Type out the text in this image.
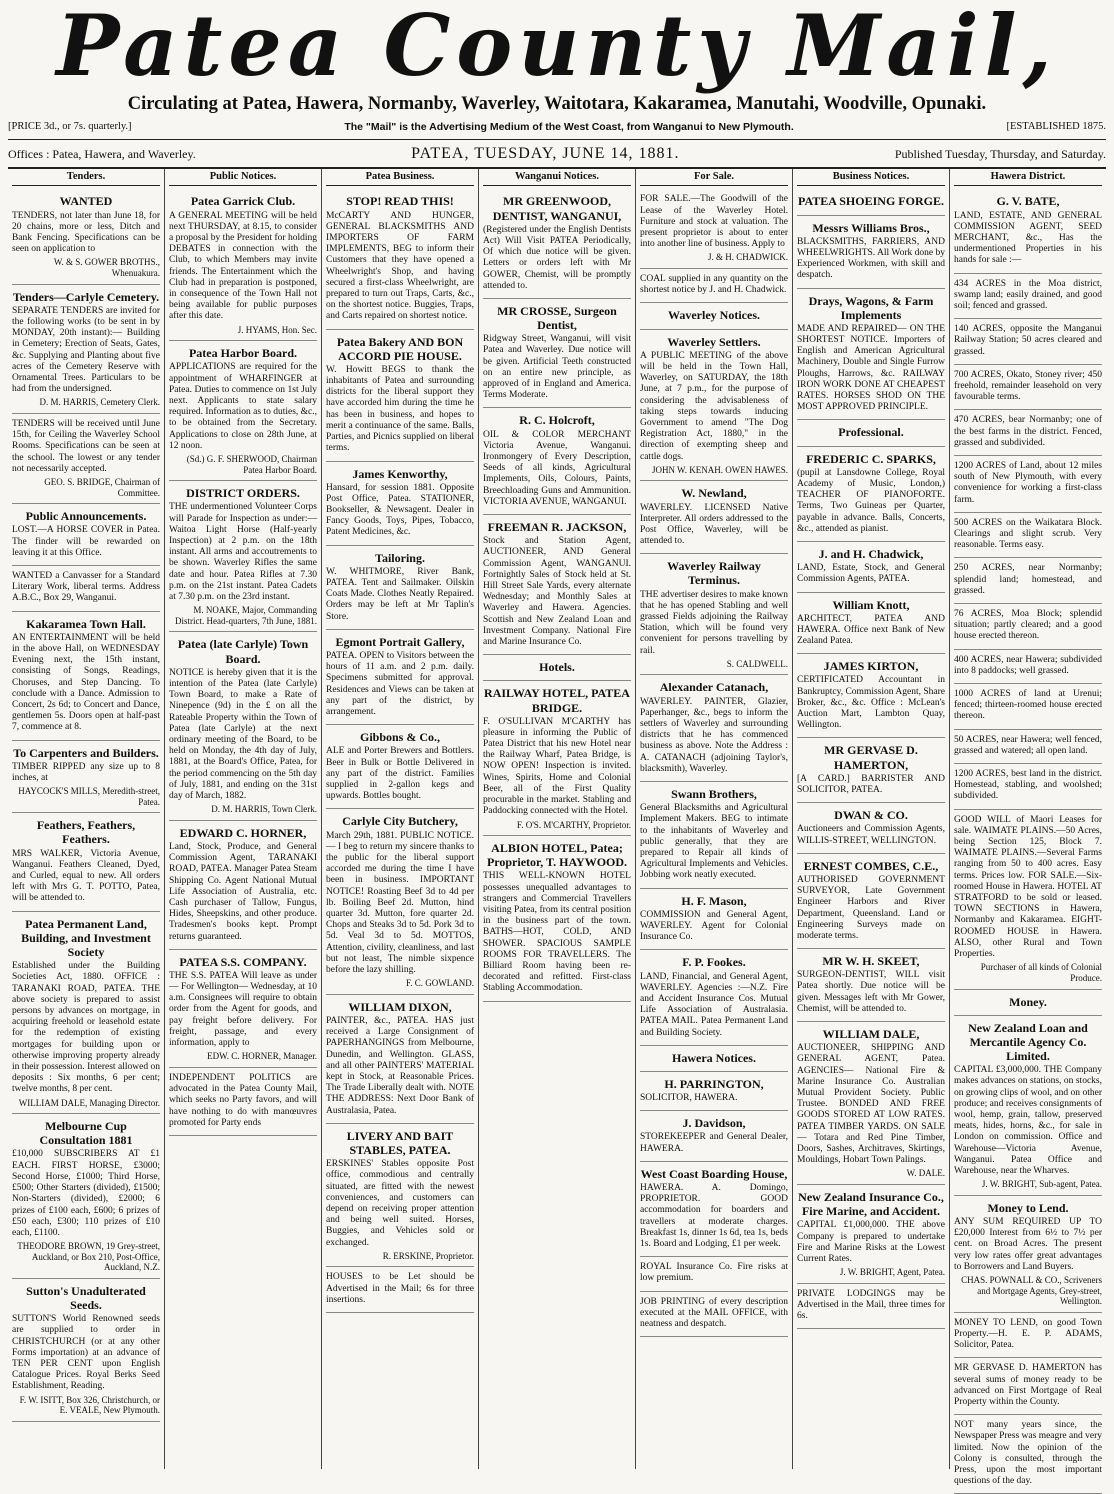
Patea County Mail,
Circulating at Patea, Hawera, Normanby, Waverley, Waitotara, Kakaramea, Manutahi, Woodville, Opunaki.
[PRICE 3d., or 7s. quarterly.]	The "Mail" is the Advertising Medium of the West Coast, from Wanganui to New Plymouth.	[ESTABLISHED 1875.
Offices : Patea, Hawera, and Waverley.	PATEA, TUESDAY, JUNE 14, 1881.	Published Tuesday, Thursday, and Saturday.
Tenders.
WANTED

TENDERS, not later than June 18, for 20 chains, more or less, Ditch and Bank Fencing. Specifications can be seen on application to

W. & S. GOWER BROTHS., Whenuakura.
Tenders—Carlyle Cemetery.

SEPARATE TENDERS are invited for the following works (to be sent in by MONDAY, 20th instant):— Building in Cemetery; Erection of Seats, Gates, &c. Supplying and Planting about five acres of the Cemetery Reserve with Ornamental Trees. Particulars to be had from the undersigned.

D. M. HARRIS, Cemetery Clerk.

TENDERS will be received until June 15th, for Ceiling the Waverley School Rooms. Specifications can be seen at the school. The lowest or any tender not necessarily accepted.

GEO. S. BRIDGE, Chairman of Committee.
Public Announcements.

LOST.—A HORSE COVER in Patea. The finder will be rewarded on leaving it at this Office.

WANTED a Canvasser for a Standard Literary Work, liberal terms. Address A.B.C., Box 29, Wanganui.

Kakaramea Town Hall.

AN ENTERTAINMENT will be held in the above Hall, on WEDNESDAY Evening next, the 15th instant, consisting of Songs, Readings, Choruses, and Step Dancing. To conclude with a Dance. Admission to Concert, 2s 6d; to Concert and Dance, gentlemen 5s. Doors open at half-past 7, commence at 8.

To Carpenters and Builders.

TIMBER RIPPED any size up to 8 inches, at

HAYCOCK'S MILLS, Meredith-street, Patea.
Feathers, Feathers, Feathers.

MRS WALKER, Victoria Avenue, Wanganui. Feathers Cleaned, Dyed, and Curled, equal to new. All orders left with Mrs G. T. POTTO, Patea, will be attended to.

Patea Permanent Land, Building, and Investment Society

Established under the Building Societies Act, 1880. OFFICE : TARANAKI ROAD, PATEA. THE above society is prepared to assist persons by advances on mortgage, in acquiring freehold or leasehold estate for the redemption of existing mortgages for building upon or otherwise improving property already in their possession. Interest allowed on deposits : Six months, 6 per cent; twelve months, 8 per cent.

WILLIAM DALE, Managing Director.
Melbourne Cup Consultation 1881

£10,000 SUBSCRIBERS AT £1 EACH. FIRST HORSE, £3000; Second Horse, £1000; Third Horse, £500; Other Starters (divided), £1500; Non-Starters (divided), £2000; 6 prizes of £100 each, £600; 6 prizes of £50 each, £300; 110 prizes of £10 each, £1100.

THEODORE BROWN, 19 Grey-street, Auckland, or Box 210, Post-Office, Auckland, N.Z.
Sutton's Unadulterated Seeds.

SUTTON'S World Renowned seeds are supplied to order in CHRISTCHURCH (or at any other Forms importation) at an advance of TEN PER CENT upon English Catalogue Prices. Royal Berks Seed Establishment, Reading.

F. W. ISITT, Box 326, Christchurch, or E. VEALE, New Plymouth.
Public Notices.
Patea Garrick Club.

A GENERAL MEETING will be held next THURSDAY, at 8.15, to consider a proposal by the President for holding DEBATES in connection with the Club, to which Members may invite friends. The Entertainment which the Club had in preparation is postponed, in consequence of the Town Hall not being available for public purposes after this date.

J. HYAMS, Hon. Sec.
Patea Harbor Board.

APPLICATIONS are required for the appointment of WHARFINGER at Patea. Duties to commence on 1st July next. Applicants to state salary required. Information as to duties, &c., to be obtained from the Secretary. Applications to close on 28th June, at 12 noon.

(Sd.) G. F. SHERWOOD, Chairman Patea Harbor Board.
DISTRICT ORDERS.

THE undermentioned Volunteer Corps will Parade for Inspection as under:— Waitoa Light Horse (Half-yearly Inspection) at 2 p.m. on the 18th instant. All arms and accoutrements to be shown. Waverley Rifles the same date and hour. Patea Rifles at 7.30 p.m. on the 21st instant. Patea Cadets at 7.30 p.m. on the 23rd instant.

M. NOAKE, Major, Commanding District. Head-quarters, 7th June, 1881.
Patea (late Carlyle) Town Board.

NOTICE is hereby given that it is the intention of the Patea (late Carlyle) Town Board, to make a Rate of Ninepence (9d) in the £ on all the Rateable Property within the Town of Patea (late Carlyle) at the next ordinary meeting of the Board, to be held on Monday, the 4th day of July, 1881, at the Board's Office, Patea, for the period commencing on the 5th day of July, 1881, and ending on the 31st day of March, 1882.

D. M. HARRIS, Town Clerk.
EDWARD C. HORNER,

Land, Stock, Produce, and General Commission Agent, TARANAKI ROAD, PATEA. Manager Patea Steam Shipping Co. Agent National Mutual Life Association of Australia, etc. Cash purchaser of Tallow, Fungus, Hides, Sheepskins, and other produce. Tradesmen's books kept. Prompt returns guaranteed.

PATEA S.S. COMPANY.

THE S.S. PATEA Will leave as under— For Wellington— Wednesday, at 10 a.m. Consignees will require to obtain order from the Agent for goods, and pay freight before delivery. For freight, passage, and every information, apply to

EDW. C. HORNER, Manager.

INDEPENDENT POLITICS are advocated in the Patea County Mail, which seeks no Party favors, and will have nothing to do with manœuvres promoted for Party ends

Patea Business.
STOP! READ THIS!

McCARTY AND HUNGER, GENERAL BLACKSMITHS AND IMPORTERS OF FARM IMPLEMENTS, BEG to inform their Customers that they have opened a Wheelwright's Shop, and having secured a first-class Wheelwright, are prepared to turn out Traps, Carts, &c., on the shortest notice. Buggies, Traps, and Carts repaired on shortest notice.

Patea Bakery AND BON ACCORD PIE HOUSE.

W. Howitt BEGS to thank the inhabitants of Patea and surrounding districts for the liberal support they have accorded him during the time he has been in business, and hopes to merit a continuance of the same. Balls, Parties, and Picnics supplied on liberal terms.

James Kenworthy,

Hansard, for session 1881. Opposite Post Office, Patea. STATIONER, Bookseller, & Newsagent. Dealer in Fancy Goods, Toys, Pipes, Tobacco, Patent Medicines, &c.

Tailoring.

W. WHITMORE, River Bank, PATEA. Tent and Sailmaker. Oilskin Coats Made. Clothes Neatly Repaired. Orders may be left at Mr Taplin's Store.

Egmont Portrait Gallery,

PATEA. OPEN to Visitors between the hours of 11 a.m. and 2 p.m. daily. Specimens submitted for approval. Residences and Views can be taken at any part of the district, by arrangement.

Gibbons & Co.,

ALE and Porter Brewers and Bottlers. Beer in Bulk or Bottle Delivered in any part of the district. Families supplied in 2-gallon kegs and upwards. Bottles bought.

Carlyle City Butchery,

March 29th, 1881. PUBLIC NOTICE.— I beg to return my sincere thanks to the public for the liberal support accorded me during the time I have been in business. IMPORTANT NOTICE! Roasting Beef 3d to 4d per lb. Boiling Beef 2d. Mutton, hind quarter 3d. Mutton, fore quarter 2d. Chops and Steaks 3d to 5d. Pork 3d to 5d. Veal 3d to 5d. MOTTOS, Attention, civility, cleanliness, and last but not least, The nimble sixpence before the lazy shilling.

F. C. GOWLAND.
WILLIAM DIXON,

PAINTER, &c., PATEA. HAS just received a Large Consignment of PAPERHANGINGS from Melbourne, Dunedin, and Wellington. GLASS, and all other PAINTERS' MATERIAL kept in Stock, at Reasonable Prices. The Trade Liberally dealt with. NOTE THE ADDRESS: Next Door Bank of Australasia, Patea.

LIVERY AND BAIT STABLES, PATEA.

ERSKINES' Stables opposite Post office, commodious and centrally situated, are fitted with the newest conveniences, and customers can depend on receiving proper attention and being well suited. Horses, Buggies, and Vehicles sold or exchanged.

R. ERSKINE, Proprietor.

HOUSES to be Let should be Advertised in the Mail; 6s for three insertions.

Wanganui Notices.
MR GREENWOOD, DENTIST, WANGANUI,

(Registered under the English Dentists Act) Will Visit PATEA Periodically, Of which due notice will be given. Letters or orders left with Mr GOWER, Chemist, will be promptly attended to.

MR CROSSE, Surgeon Dentist,

Ridgway Street, Wanganui, will visit Patea and Waverley. Due notice will be given. Artificial Teeth constructed on an entire new principle, as approved of in England and America. Terms Moderate.

R. C. Holcroft,

OIL & COLOR MERCHANT Victoria Avenue, Wanganui. Ironmongery of Every Description, Seeds of all kinds, Agricultural Implements, Oils, Colours, Paints, Breechloading Guns and Ammunition. VICTORIA AVENUE, WANGANUI.

FREEMAN R. JACKSON,

Stock and Station Agent, AUCTIONEER, AND General Commission Agent, WANGANUI. Fortnightly Sales of Stock held at St. Hill Street Sale Yards, every alternate Wednesday; and Monthly Sales at Waverley and Hawera. Agencies. Scottish and New Zealand Loan and Investment Company. National Fire and Marine Insurance Co.

Hotels.
RAILWAY HOTEL, PATEA BRIDGE.

F. O'SULLIVAN M'CARTHY has pleasure in informing the Public of Patea District that his new Hotel near the Railway Wharf, Patea Bridge, is NOW OPEN! Inspection is invited. Wines, Spirits, Home and Colonial Beer, all of the First Quality procurable in the market. Stabling and Paddocking connected with the Hotel.

F. O'S. M'CARTHY, Proprietor.
ALBION HOTEL, Patea; Proprietor, T. HAYWOOD.

THIS WELL-KNOWN HOTEL possesses unequalled advantages to strangers and Commercial Travellers visiting Patea, from its central position in the business part of the town. BATHS—HOT, COLD, AND SHOWER. SPACIOUS SAMPLE ROOMS FOR TRAVELLERS. The Billiard Room having been re-decorated and refitted. First-class Stabling Accommodation.

For Sale.

FOR SALE.—The Goodwill of the Lease of the Waverley Hotel. Furniture and stock at valuation. The present proprietor is about to enter into another line of business. Apply to

J. & H. CHADWICK.

COAL supplied in any quantity on the shortest notice by J. and H. Chadwick.

Waverley Notices.
Waverley Settlers.

A PUBLIC MEETING of the above will be held in the Town Hall, Waverley, on SATURDAY, the 18th June, at 7 p.m., for the purpose of considering the advisableness of taking steps towards inducing Government to amend "The Dog Registration Act, 1880," in the direction of exempting sheep and cattle dogs.

JOHN W. KENAH. OWEN HAWES.
W. Newland,

WAVERLEY. LICENSED Native Interpreter. All orders addressed to the Post Office, Waverley, will be attended to.

Waverley Railway Terminus.

THE advertiser desires to make known that he has opened Stabling and well grassed Fields adjoining the Railway Station, which will be found very convenient for persons travelling by rail.

S. CALDWELL.
Alexander Catanach,

WAVERLEY. PAINTER, Glazier, Paperhanger, &c., begs to inform the settlers of Waverley and surrounding districts that he has commenced business as above. Note the Address : A. CATANACH (adjoining Taylor's, blacksmith), Waverley.

Swann Brothers,

General Blacksmiths and Agricultural Implement Makers. BEG to intimate to the inhabitants of Waverley and public generally, that they are prepared to Repair all kinds of Agricultural Implements and Vehicles. Jobbing work neatly executed.

H. F. Mason,

COMMISSION and General Agent, WAVERLEY. Agent for Colonial Insurance Co.

F. P. Fookes.

LAND, Financial, and General Agent, WAVERLEY. Agencies :—N.Z. Fire and Accident Insurance Cos. Mutual Life Association of Australasia. PATEA MAIL. Patea Permanent Land and Building Society.

Hawera Notices.
H. PARRINGTON,

SOLICITOR, HAWERA.

J. Davidson,

STOREKEEPER and General Dealer, HAWERA.

West Coast Boarding House,

HAWERA. A. Domingo, PROPRIETOR. GOOD accommodation for boarders and travellers at moderate charges. Breakfast 1s, dinner 1s 6d, tea 1s, beds 1s. Board and Lodging, £1 per week.

ROYAL Insurance Co. Fire risks at low premium.

JOB PRINTING of every description executed at the MAIL OFFICE, with neatness and despatch.

Business Notices.
PATEA SHOEING FORGE.
Messrs Williams Bros.,

BLACKSMITHS, FARRIERS, AND WHEELWRIGHTS. All Work done by Experienced Workmen, with skill and despatch.

Drays, Wagons, & Farm Implements

MADE AND REPAIRED— ON THE SHORTEST NOTICE. Importers of English and American Agricultural Machinery, Double and Single Furrow Ploughs, Harrows, &c. RAILWAY IRON WORK DONE AT CHEAPEST RATES. HORSES SHOD ON THE MOST APPROVED PRINCIPLE.

Professional.
FREDERIC C. SPARKS,

(pupil at Lansdowne College, Royal Academy of Music, London,) TEACHER OF PIANOFORTE. Terms, Two Guineas per Quarter, payable in advance. Balls, Concerts, &c., attended as pianist.

J. and H. Chadwick,

LAND, Estate, Stock, and General Commission Agents, PATEA.

William Knott,

ARCHITECT, PATEA AND HAWERA. Office next Bank of New Zealand Patea.

JAMES KIRTON,

CERTIFICATED Accountant in Bankruptcy, Commission Agent, Share Broker, &c., &c. Office : McLean's Auction Mart, Lambton Quay, Wellington.

MR GERVASE D. HAMERTON,

[A CARD.] BARRISTER AND SOLICITOR, PATEA.

DWAN & CO.

Auctioneers and Commission Agents, WILLIS-STREET, WELLINGTON.

ERNEST COMBES, C.E.,

AUTHORISED GOVERNMENT SURVEYOR, Late Government Engineer Harbors and River Department, Queensland. Land or Engineering Surveys made on moderate terms.

MR W. H. SKEET,

SURGEON-DENTIST, WILL visit Patea shortly. Due notice will be given. Messages left with Mr Gower, Chemist, will be attended to.

WILLIAM DALE,

AUCTIONEER, SHIPPING AND GENERAL AGENT, Patea. AGENCIES— National Fire & Marine Insurance Co. Australian Mutual Provident Society. Public Trustee. BONDED AND FREE GOODS STORED AT LOW RATES. PATEA TIMBER YARDS. ON SALE— Totara and Red Pine Timber, Doors, Sashes, Architraves, Skirtings, Mouldings, Hobart Town Palings.

W. DALE.
New Zealand Insurance Co., Fire Marine, and Accident.

CAPITAL £1,000,000. THE above Company is prepared to undertake Fire and Marine Risks at the Lowest Current Rates.

J. W. BRIGHT, Agent, Patea.

PRIVATE LODGINGS may be Advertised in the Mail, three times for 6s.

Hawera District.
G. V. BATE,

LAND, ESTATE, AND GENERAL COMMISSION AGENT, SEED MERCHANT, &c., Has the undermentioned Properties in his hands for sale :—

434 ACRES in the Moa district, swamp land; easily drained, and good soil; fenced and grassed.

140 ACRES, opposite the Manganui Railway Station; 50 acres cleared and grassed.

700 ACRES, Okato, Stoney river; 450 freehold, remainder leasehold on very favourable terms.

470 ACRES, bear Normanby; one of the best farms in the district. Fenced, grassed and subdivided.

1200 ACRES of Land, about 12 miles south of New Plymouth, with every convenience for working a first-class farm.

500 ACRES on the Waikatara Block. Clearings and slight scrub. Very reasonable. Terms easy.

250 ACRES, near Normanby; splendid land; homestead, and grassed.

76 ACRES, Moa Block; splendid situation; partly cleared; and a good house erected thereon.

400 ACRES, near Hawera; subdivided into 8 paddocks; well grassed.

1000 ACRES of land at Urenui; fenced; thirteen-roomed house erected thereon.

50 ACRES, near Hawera; well fenced, grassed and watered; all open land.

1200 ACRES, best land in the district. Homestead, stabling, and woolshed; subdivided.

GOOD WILL of Maori Leases for sale. WAIMATE PLAINS.—50 Acres, being Section 125, Block 7. WAIMATE PLAINS.—Several Farms ranging from 50 to 400 acres. Easy terms. Prices low. FOR SALE.—Six-roomed House in Hawera. HOTEL AT STRATFORD to be sold or leased. TOWN SECTIONS in Hawera, Normanby and Kakaramea. EIGHT-ROOMED HOUSE in Hawera. ALSO, other Rural and Town Properties.

Purchaser of all kinds of Colonial Produce.
Money.
New Zealand Loan and Mercantile Agency Co. Limited.

CAPITAL £3,000,000. THE Company makes advances on stations, on stocks, on growing clips of wool, and on other produce; and receives consignments of wool, hemp, grain, tallow, preserved meats, hides, horns, &c., for sale in London on commission. Office and Warehouse—Victoria Avenue, Wanganui. Patea Office and Warehouse, near the Wharves.

J. W. BRIGHT, Sub-agent, Patea.
Money to Lend.

ANY SUM REQUIRED UP TO £20,000 Interest from 6½ to 7½ per cent. on Broad Acres. The present very low rates offer great advantages to Borrowers and Land Buyers.

CHAS. POWNALL & CO., Scriveners and Mortgage Agents, Grey-street, Wellington.

MONEY TO LEND, on good Town Property.—H. E. P. ADAMS, Solicitor, Patea.

MR GERVASE D. HAMERTON has several sums of money ready to be advanced on First Mortgage of Real Property within the County.

NOT many years since, the Newspaper Press was meagre and very limited. Now the opinion of the Colony is consulted, through the Press, upon the most important questions of the day.
